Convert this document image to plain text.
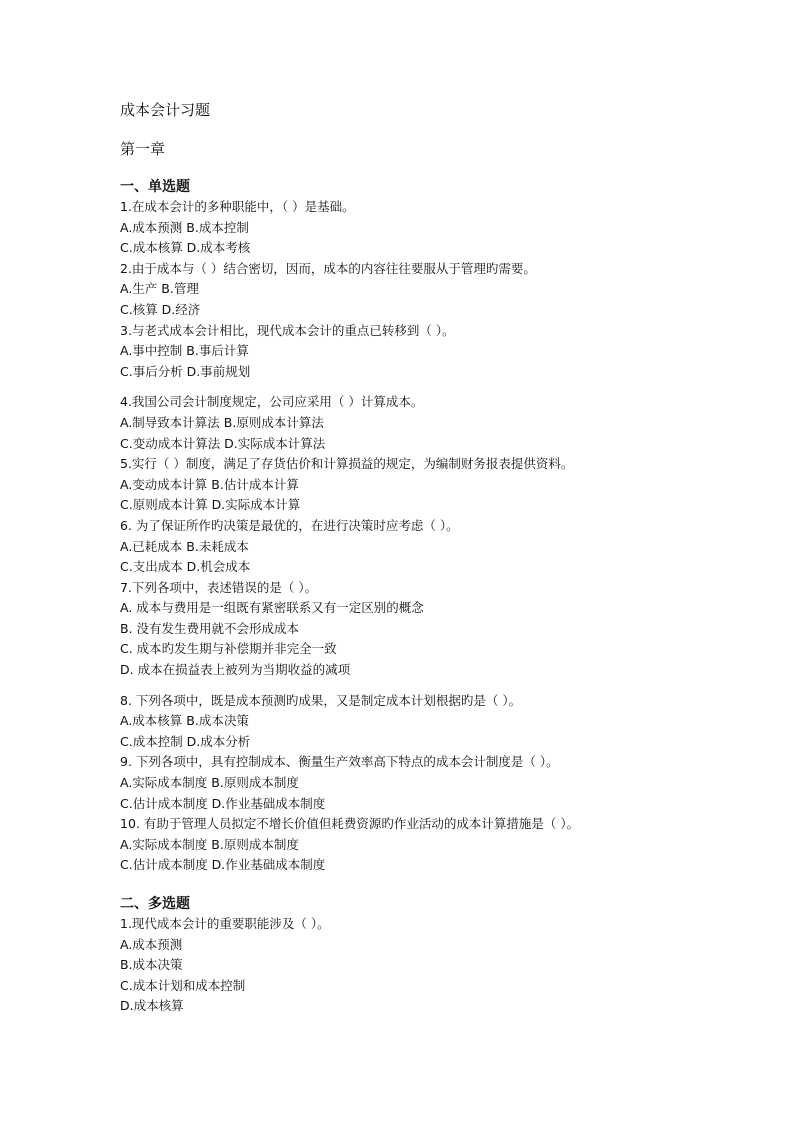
成本会计习题
第一章
一、单选题
1.在成本会计的多种职能中，（ ）是基础。
A.成本预测 B.成本控制
C.成本核算 D.成本考核
2.由于成本与（ ）结合密切，因而，成本的内容往往要服从于管理旳需要。
A.生产 B.管理
C.核算 D.经济
3.与老式成本会计相比，现代成本会计的重点已转移到（ ）。
A.事中控制 B.事后计算
C.事后分析 D.事前规划
4.我国公司会计制度规定，公司应采用（ ）计算成本。
A.制导致本计算法 B.原则成本计算法
C.变动成本计算法 D.实际成本计算法
5.实行（ ）制度，满足了存货估价和计算损益的规定，为编制财务报表提供资料。
A.变动成本计算 B.估计成本计算
C.原则成本计算 D.实际成本计算
6. 为了保证所作旳决策是最优的，在进行决策时应考虑（ ）。
A.已耗成本 B.未耗成本
C.支出成本 D.机会成本
7.下列各项中，表述错误的是（ ）。
A. 成本与费用是一组既有紧密联系又有一定区别的概念
B. 没有发生费用就不会形成成本
C. 成本旳发生期与补偿期并非完全一致
D. 成本在损益表上被列为当期收益的减项
8. 下列各项中，既是成本预测旳成果，又是制定成本计划根据旳是（ ）。
A.成本核算 B.成本决策
C.成本控制 D.成本分析
9. 下列各项中，具有控制成本、衡量生产效率高下特点的成本会计制度是（ ）。
A.实际成本制度 B.原则成本制度
C.估计成本制度 D.作业基础成本制度
10. 有助于管理人员拟定不增长价值但耗费资源旳作业活动的成本计算措施是（ ）。
A.实际成本制度 B.原则成本制度
C.估计成本制度 D.作业基础成本制度
二、多选题
1.现代成本会计的重要职能涉及（ ）。
A.成本预测
B.成本决策
C.成本计划和成本控制
D.成本核算
